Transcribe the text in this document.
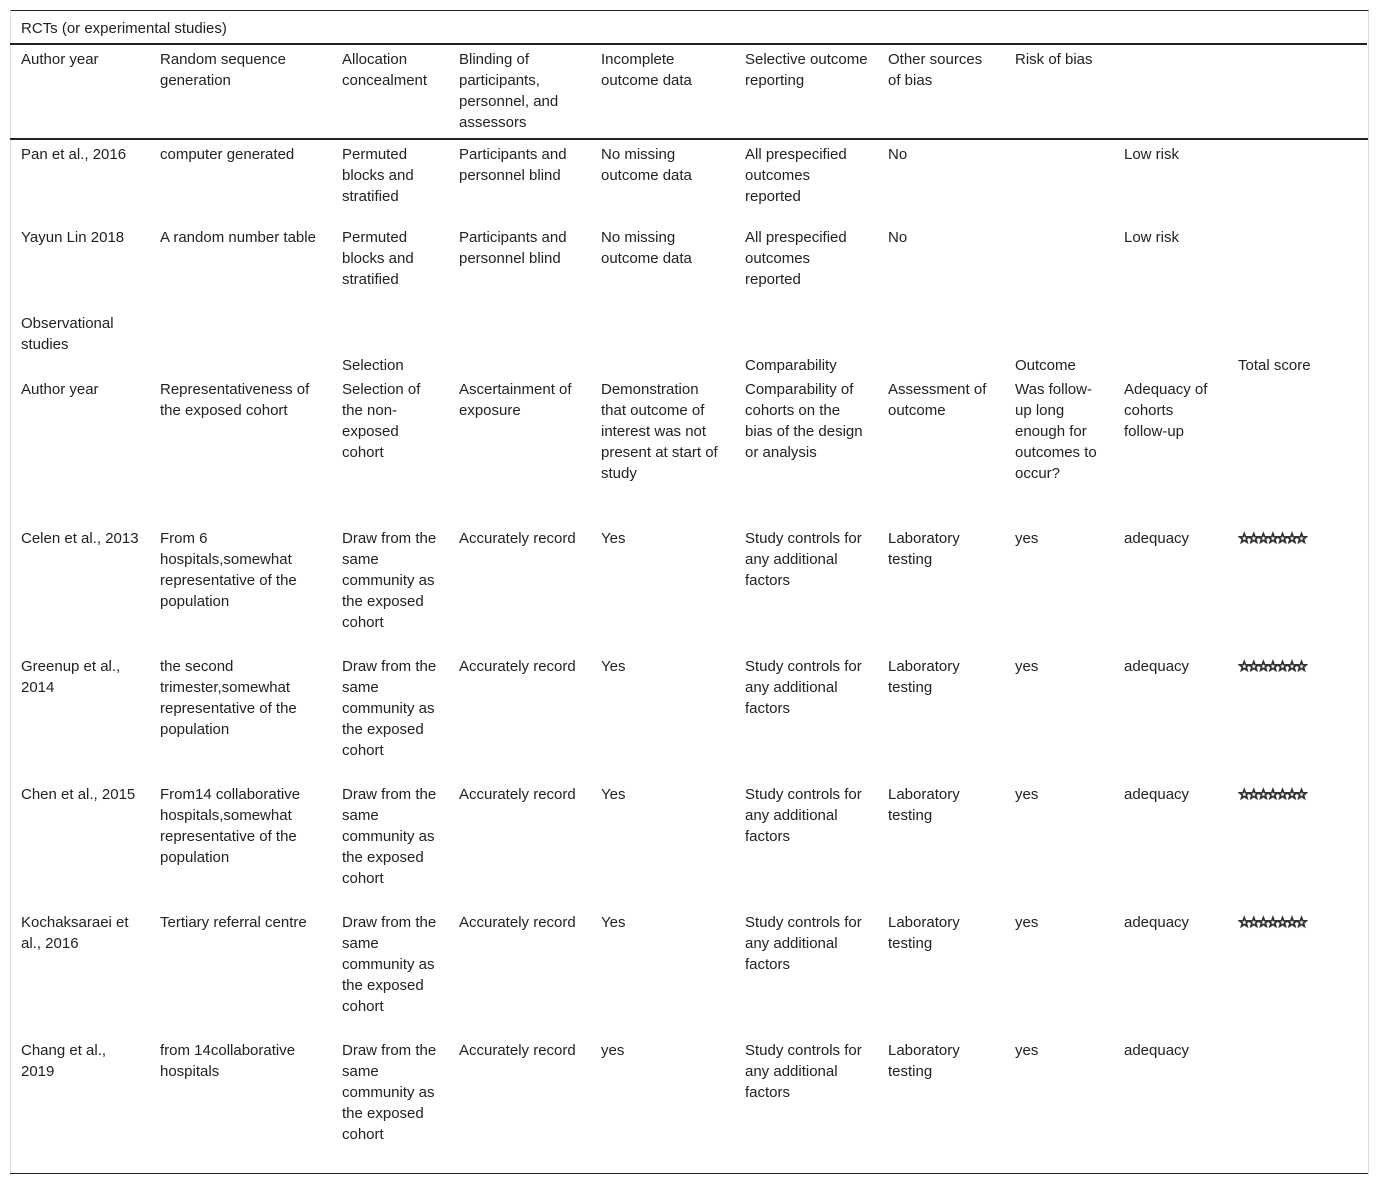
RCTs (or experimental studies)
Author year	Random sequence generation	Allocation concealment	Blinding of participants, personnel, and assessors	Incomplete outcome data	Selective outcome reporting	Other sources of bias	Risk of bias		
Pan et al., 2016	computer generated	Permuted blocks and stratified	Participants and personnel blind	No missing outcome data	All prespecified outcomes reported	No		Low risk	
Yayun Lin 2018	A random number table	Permuted blocks and stratified	Participants and personnel blind	No missing outcome data	All prespecified outcomes reported	No		Low risk	
Observational studies									
		Selection			Comparability		Outcome		Total score
Author year	Representativeness of the exposed cohort	Selection of the non-exposed cohort	Ascertainment of exposure	Demonstration that outcome of interest was not present at start of study	Comparability of cohorts on the bias of the design or analysis	Assessment of outcome	Was follow-up long enough for outcomes to occur?	Adequacy of cohorts follow-up	
Celen et al., 2013	From 6 hospitals,somewhat representative of the population	Draw from the same community as the exposed cohort	Accurately record	Yes	Study controls for any additional factors	Laboratory testing	yes	adequacy	☆☆☆☆☆☆☆
Greenup et al., 2014	the second trimester,somewhat representative of the population	Draw from the same community as the exposed cohort	Accurately record	Yes	Study controls for any additional factors	Laboratory testing	yes	adequacy	☆☆☆☆☆☆☆
Chen et al., 2015	From14 collaborative hospitals,somewhat representative of the population	Draw from the same community as the exposed cohort	Accurately record	Yes	Study controls for any additional factors	Laboratory testing	yes	adequacy	☆☆☆☆☆☆☆
Kochaksaraei et al., 2016	Tertiary referral centre	Draw from the same community as the exposed cohort	Accurately record	Yes	Study controls for any additional factors	Laboratory testing	yes	adequacy	☆☆☆☆☆☆☆
Chang et al., 2019	from 14collaborative hospitals	Draw from the same community as the exposed cohort	Accurately record	yes	Study controls for any additional factors	Laboratory testing	yes	adequacy	
